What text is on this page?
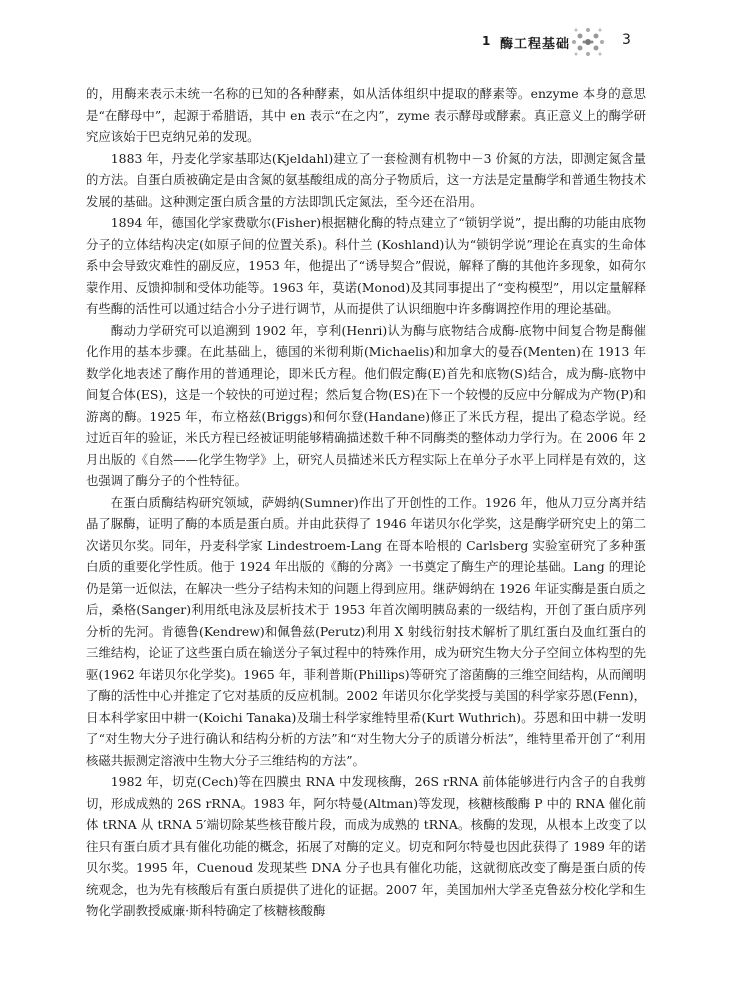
1 酶工程基础	3

的，用酶来表示未统一名称的已知的各种酵素，如从活体组织中提取的酵素等。enzyme 本身的意思是“在酵母中”，起源于希腊语，其中 en 表示“在之内”，zyme 表示酵母或酵素。真正意义上的酶学研究应该始于巴克纳兄弟的发现。

1883 年，丹麦化学家基耶达(Kjeldahl)建立了一套检测有机物中－3 价氮的方法，即测定氮含量的方法。自蛋白质被确定是由含氮的氨基酸组成的高分子物质后，这一方法是定量酶学和普通生物技术发展的基础。这种测定蛋白质含量的方法即凯氏定氮法，至今还在沿用。

1894 年，德国化学家费歇尔(Fisher)根据糖化酶的特点建立了“锁钥学说”，提出酶的功能由底物分子的立体结构决定(如原子间的位置关系)。科什兰 (Koshland)认为“锁钥学说”理论在真实的生命体系中会导致灾难性的副反应，1953 年，他提出了“诱导契合”假说，解释了酶的其他许多现象，如荷尔蒙作用、反馈抑制和受体功能等。1963 年，莫诺(Monod)及其同事提出了“变构模型”，用以定量解释有些酶的活性可以通过结合小分子进行调节，从而提供了认识细胞中许多酶调控作用的理论基础。

酶动力学研究可以追溯到 1902 年，亨利(Henri)认为酶与底物结合成酶-底物中间复合物是酶催化作用的基本步骤。在此基础上，德国的米彻利斯(Michaelis)和加拿大的曼吞(Menten)在 1913 年数学化地表述了酶作用的普通理论，即米氏方程。他们假定酶(E)首先和底物(S)结合，成为酶-底物中间复合体(ES)，这是一个较快的可逆过程；然后复合物(ES)在下一个较慢的反应中分解成为产物(P)和游离的酶。1925 年，布立格兹(Briggs)和何尔登(Handane)修正了米氏方程，提出了稳态学说。经过近百年的验证，米氏方程已经被证明能够精确描述数千种不同酶类的整体动力学行为。在 2006 年 2 月出版的《自然——化学生物学》上，研究人员描述米氏方程实际上在单分子水平上同样是有效的，这也强调了酶分子的个性特征。

在蛋白质酶结构研究领域，萨姆纳(Sumner)作出了开创性的工作。1926 年，他从刀豆分离并结晶了脲酶，证明了酶的本质是蛋白质。并由此获得了 1946 年诺贝尔化学奖，这是酶学研究史上的第二次诺贝尔奖。同年，丹麦科学家 Lindestroem-Lang 在哥本哈根的 Carlsberg 实验室研究了多种蛋白质的重要化学性质。他于 1924 年出版的《酶的分离》一书奠定了酶生产的理论基础。Lang 的理论仍是第一近似法，在解决一些分子结构未知的问题上得到应用。继萨姆纳在 1926 年证实酶是蛋白质之后，桑格(Sanger)利用纸电泳及层析技术于 1953 年首次阐明胰岛素的一级结构，开创了蛋白质序列分析的先河。肯德鲁(Kendrew)和佩鲁兹(Perutz)利用 X 射线衍射技术解析了肌红蛋白及血红蛋白的三维结构，论证了这些蛋白质在输送分子氧过程中的特殊作用，成为研究生物大分子空间立体构型的先驱(1962 年诺贝尔化学奖)。1965 年，菲利普斯(Phillips)等研究了溶菌酶的三维空间结构，从而阐明了酶的活性中心并推定了它对基质的反应机制。2002 年诺贝尔化学奖授与美国的科学家芬恩(Fenn)，日本科学家田中耕一(Koichi Tanaka)及瑞士科学家维特里希(Kurt Wuthrich)。芬恩和田中耕一发明了“对生物大分子进行确认和结构分析的方法”和“对生物大分子的质谱分析法”，维特里希开创了“利用核磁共振测定溶液中生物大分子三维结构的方法”。

1982 年，切克(Cech)等在四膜虫 RNA 中发现核酶，26S rRNA 前体能够进行内含子的自我剪切，形成成熟的 26S rRNA。1983 年，阿尔特曼(Altman)等发现，核糖核酸酶 P 中的 RNA 催化前体 tRNA 从 tRNA 5′端切除某些核苷酸片段，而成为成熟的 tRNA。核酶的发现，从根本上改变了以往只有蛋白质才具有催化功能的概念，拓展了对酶的定义。切克和阿尔特曼也因此获得了 1989 年的诺贝尔奖。1995 年，Cuenoud 发现某些 DNA 分子也具有催化功能，这就彻底改变了酶是蛋白质的传统观念，也为先有核酸后有蛋白质提供了进化的证据。2007 年，美国加州大学圣克鲁兹分校化学和生物化学副教授威廉·斯科特确定了核糖核酸酶
